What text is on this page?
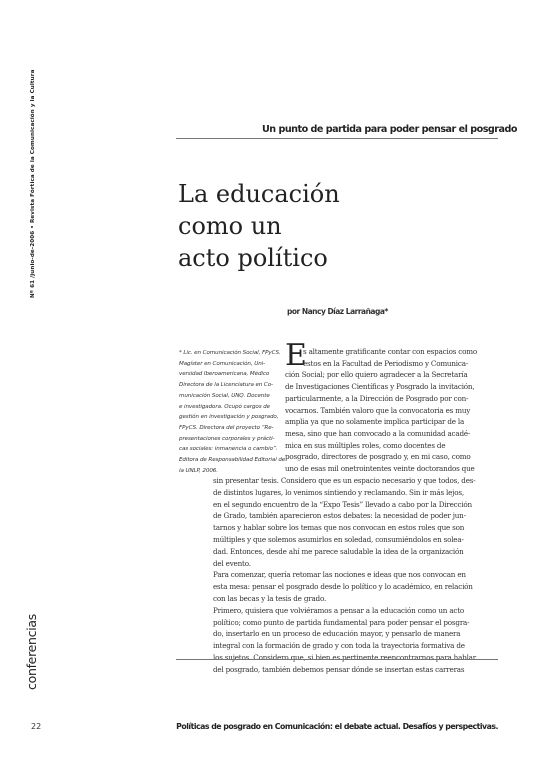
Nº 61 /junio-de-2006 • Revista Fórtica de la Comunicación y la Cultura	Un punto de partida para poder pensar el posgrado
La educación
como un
acto político
por Nancy Díaz Larrañaga*
* Lic. en Comunicación Social, FPyCS.
Magíster en Comunicación, Uni-
versidad Iberoamericana, Médico
Directora de la Licenciatura en Co-
municación Social, UNQ. Docente
e investigadora. Ocupó cargos de
gestión en investigación y posgrado,
FPyCS. Directora del proyecto “Re-
presentaciones corporales y prácti-
cas sociales: inmanencia o cambio”.
Editora de Responsabilidad Editorial de
la UNLP, 2006.
E
s altamente gratificante contar con espacios como
estos en la Facultad de Periodismo y Comunica-
ción Social; por ello quiero agradecer a la Secretaría
de Investigaciones Científicas y Posgrado la invitación,
particularmente, a la Dirección de Posgrado por con-
vocarnos. También valoro que la convocatoria es muy
amplia ya que no solamente implica participar de la
mesa, sino que han convocado a la comunidad acadé-
mica en sus múltiples roles, como docentes de
posgrado, directores de posgrado y, en mi caso, como
uno de esas mil onetrointentes veinte doctorandos que
sin presentar tesis. Considero que es un espacio necesario y que todos, des-
de distintos lugares, lo venimos sintiendo y reclamando. Sin ir más lejos,
en el segundo encuentro de la “Expo Tesis” llevado a cabo por la Dirección
de Grado, también aparecieron estos debates: la necesidad de poder jun-
tarnos y hablar sobre los temas que nos convocan en estos roles que son
múltiples y que solemos asumirlos en soledad, consumiéndolos en solea-
dad. Entonces, desde ahí me parece saludable la idea de la organización
del evento.
Para comenzar, quería retomar las nociones e ideas que nos convocan en
esta mesa: pensar el posgrado desde lo político y lo académico, en relación
con las becas y la tesis de grado.
Primero, quisiera que volviéramos a pensar a la educación como un acto
político; como punto de partida fundamental para poder pensar el posgra-
do, insertarlo en un proceso de educación mayor, y pensarlo de manera
integral con la formación de grado y con toda la trayectoria formativa de
los sujetos. Considero que, si bien es pertinente reencontrarnos para hablar
del posgrado, también debemos pensar dónde se insertan estas carreras
conferencias
22	Políticas de posgrado en Comunicación: el debate actual. Desafíos y perspectivas.
